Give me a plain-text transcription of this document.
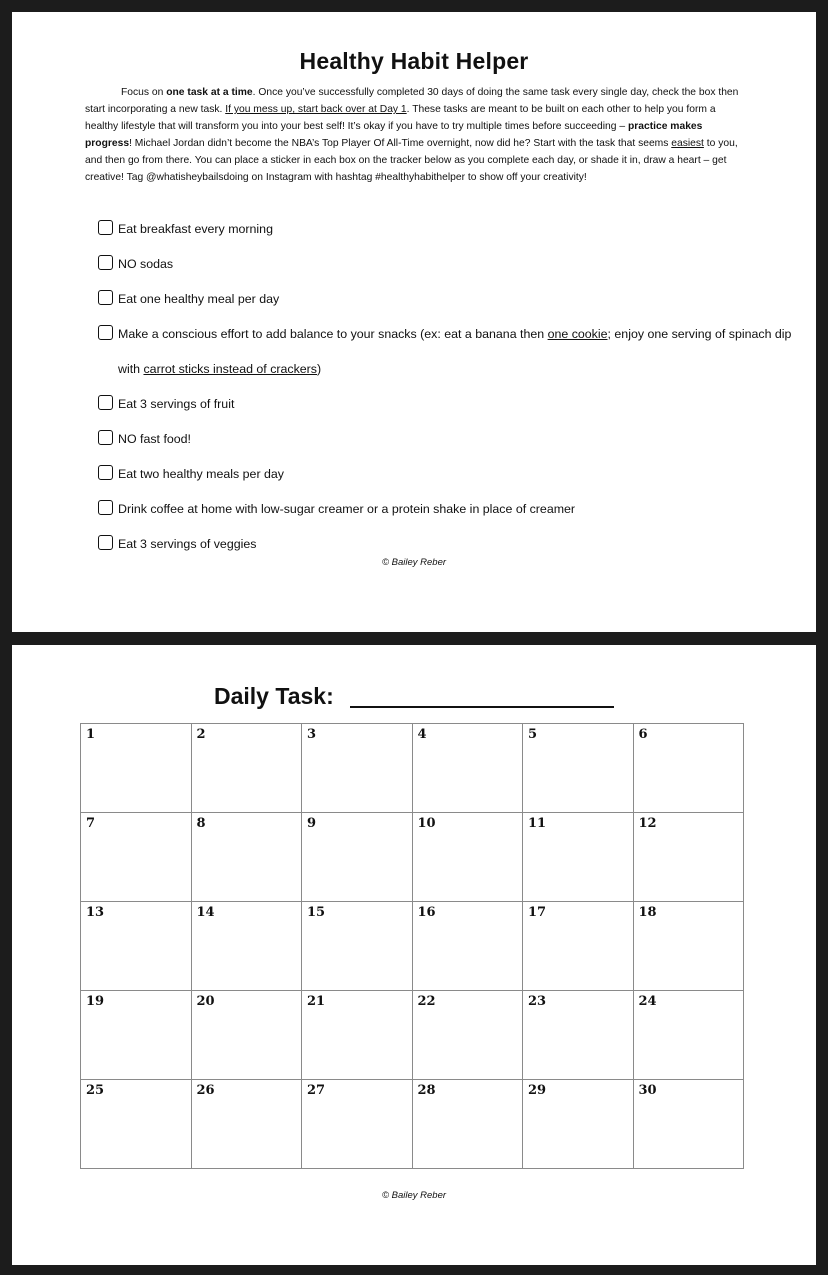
Healthy Habit Helper

Focus on one task at a time. Once you’ve successfully completed 30 days of doing the same task every single day, check the box then start incorporating a new task. If you mess up, start back over at Day 1. These tasks are meant to be built on each other to help you form a healthy lifestyle that will transform you into your best self! It’s okay if you have to try multiple times before succeeding – practice makes progress! Michael Jordan didn’t become the NBA’s Top Player Of All-Time overnight, now did he? Start with the task that seems easiest to you, and then go from there. You can place a sticker in each box on the tracker below as you complete each day, or shade it in, draw a heart – get creative! Tag @whatisheybailsdoing on Instagram with hashtag #healthyhabithelper to show off your creativity!

Eat breakfast every morning
NO sodas
Eat one healthy meal per day
Make a conscious effort to add balance to your snacks (ex: eat a banana then one cookie; enjoy one serving of spinach dip with carrot sticks instead of crackers)
Eat 3 servings of fruit
NO fast food!
Eat two healthy meals per day
Drink coffee at home with low-sugar creamer or a protein shake in place of creamer
Eat 3 servings of veggies
© Bailey Reber
Daily Task:
1	2	3	4	5	6
7	8	9	10	11	12
13	14	15	16	17	18
19	20	21	22	23	24
25	26	27	28	29	30
© Bailey Reber
